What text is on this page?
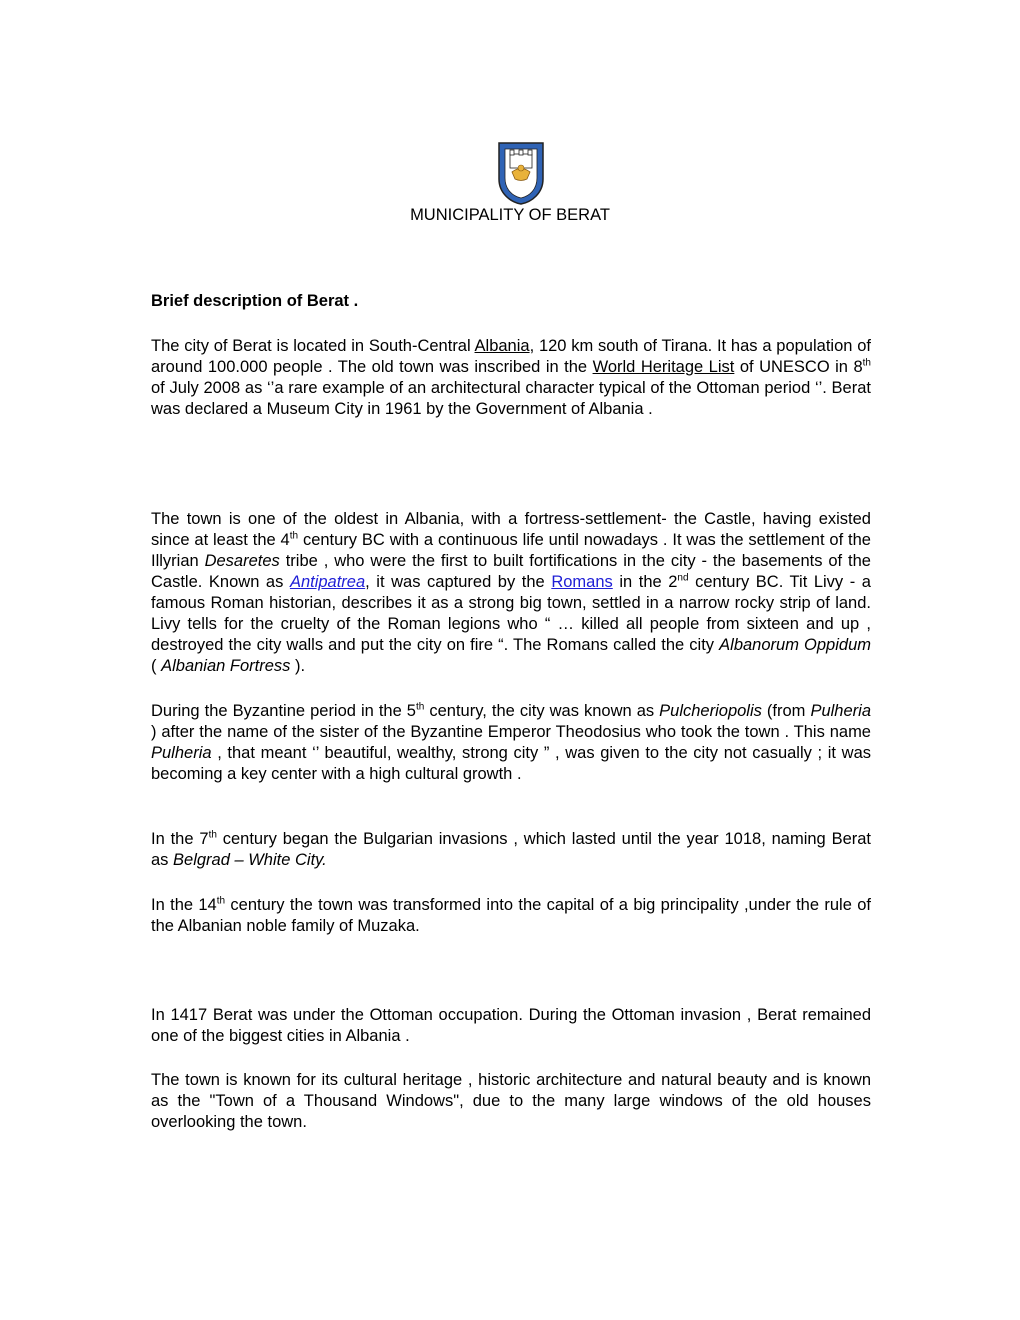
MUNICIPALITY OF BERAT
Brief description of Berat .

The city of Berat is located in South-Central Albania, 120 km south of Tirana. It has a population of around 100.000 people . The old town was inscribed in the World Heritage List of UNESCO in 8th of July 2008 as ‘’a rare example of an architectural character typical of the Ottoman period ‘’. Berat was declared a Museum City in 1961 by the Government of Albania .

The town is one of the oldest in Albania, with a fortress-settlement- the Castle, having existed since at least the 4th century BC with a continuous life until nowadays . It was the settlement of the Illyrian Desaretes tribe , who were the first to built fortifications in the city - the basements of the Castle. Known as Antipatrea, it was captured by the Romans in the 2nd century BC. Tit Livy - a famous Roman historian, describes it as a strong big town, settled in a narrow rocky strip of land. Livy tells for the cruelty of the Roman legions who “ … killed all people from sixteen and up , destroyed the city walls and put the city on fire “. The Romans called the city Albanorum Oppidum ( Albanian Fortress ).

During the Byzantine period in the 5th century, the city was known as Pulcheriopolis (from Pulheria ) after the name of the sister of the Byzantine Emperor Theodosius who took the town . This name Pulheria , that meant ‘’ beautiful, wealthy, strong city ” , was given to the city not casually ; it was becoming a key center with a high cultural growth .

In the 7th century began the Bulgarian invasions , which lasted until the year 1018, naming Berat as Belgrad – White City.

In the 14th century the town was transformed into the capital of a big principality ,under the rule of the Albanian noble family of Muzaka.

In 1417 Berat was under the Ottoman occupation. During the Ottoman invasion , Berat remained one of the biggest cities in Albania .

The town is known for its cultural heritage , historic architecture and natural beauty and is known as the "Town of a Thousand Windows", due to the many large windows of the old houses overlooking the town.
